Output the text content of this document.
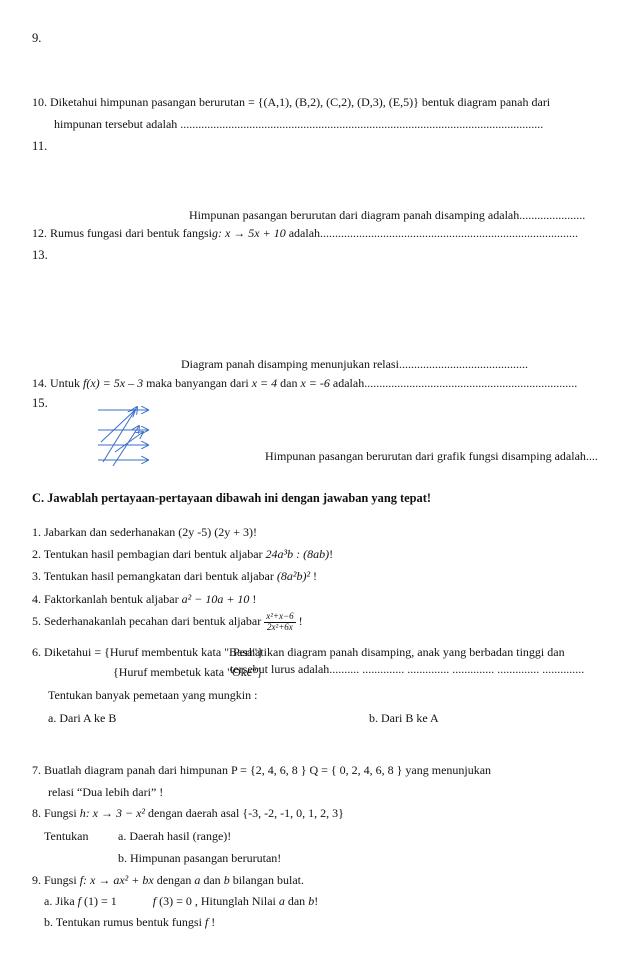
9.
10. Diketahui himpunan pasangan berurutan = {(A,1), (B,2), (C,2), (D,3), (E,5)} bentuk diagram panah dari
himpunan tersebut adalah .........................................................................................................................
11.
Himpunan pasangan berurutan dari diagram panah disamping adalah......................
12. Rumus fungasi dari bentuk fangsig: x → 5x + 10 adalah......................................................................................
13.
Diagram panah disamping menunjukan relasi...........................................
14. Untuk f(x) = 5x – 3 maka banyangan dari x = 4 dan x = -6 adalah.......................................................................
15.
Himpunan pasangan berurutan dari grafik fungsi disamping adalah....
C. Jawablah pertayaan-pertayaan dibawah ini dengan jawaban yang tepat!
1. Jabarkan dan sederhanakan (2y -5) (2y + 3)!
2. Tentukan hasil pembagian dari bentuk aljabar 24a³b : (8ab)!
3. Tentukan hasil pemangkatan dari bentuk aljabar (8a²b)² !
4. Faktorkanlah bentuk aljabar a² − 10a + 10 !
5. Sederhanakanlah pecahan dari bentuk aljabar $\frac{\text{x²+x−6}}{\text{2x²+6x}}$ !
6. Diketahui = {Huruf membentuk kata "Basa"}
Perhatikan diagram panah disamping, anak yang berbadan tinggi dan
{Huruf membetuk kata "Oke"}
tersebut lurus adalah.......... .............. .............. .............. .............. ..............
Tentukan banyak pemetaan yang mungkin :
a. Dari A ke B	b. Dari B ke A
7. Buatlah diagram panah dari himpunan P = {2, 4, 6, 8 } Q = { 0, 2, 4, 6, 8 } yang menunjukan
relasi “Dua lebih dari” !
8. Fungsi h: x → 3 − x² dengan daerah asal {-3, -2, -1, 0, 1, 2, 3}
Tentukan a. Daerah hasil (range)!
b. Himpunan pasangan berurutan!
9. Fungsi f: x → ax² + bx dengan a dan b bilangan bulat.
a. Jika f (1) = 1	f (3) = 0 , Hitunglah Nilai a dan b!
b. Tentukan rumus bentuk fungsi f !
